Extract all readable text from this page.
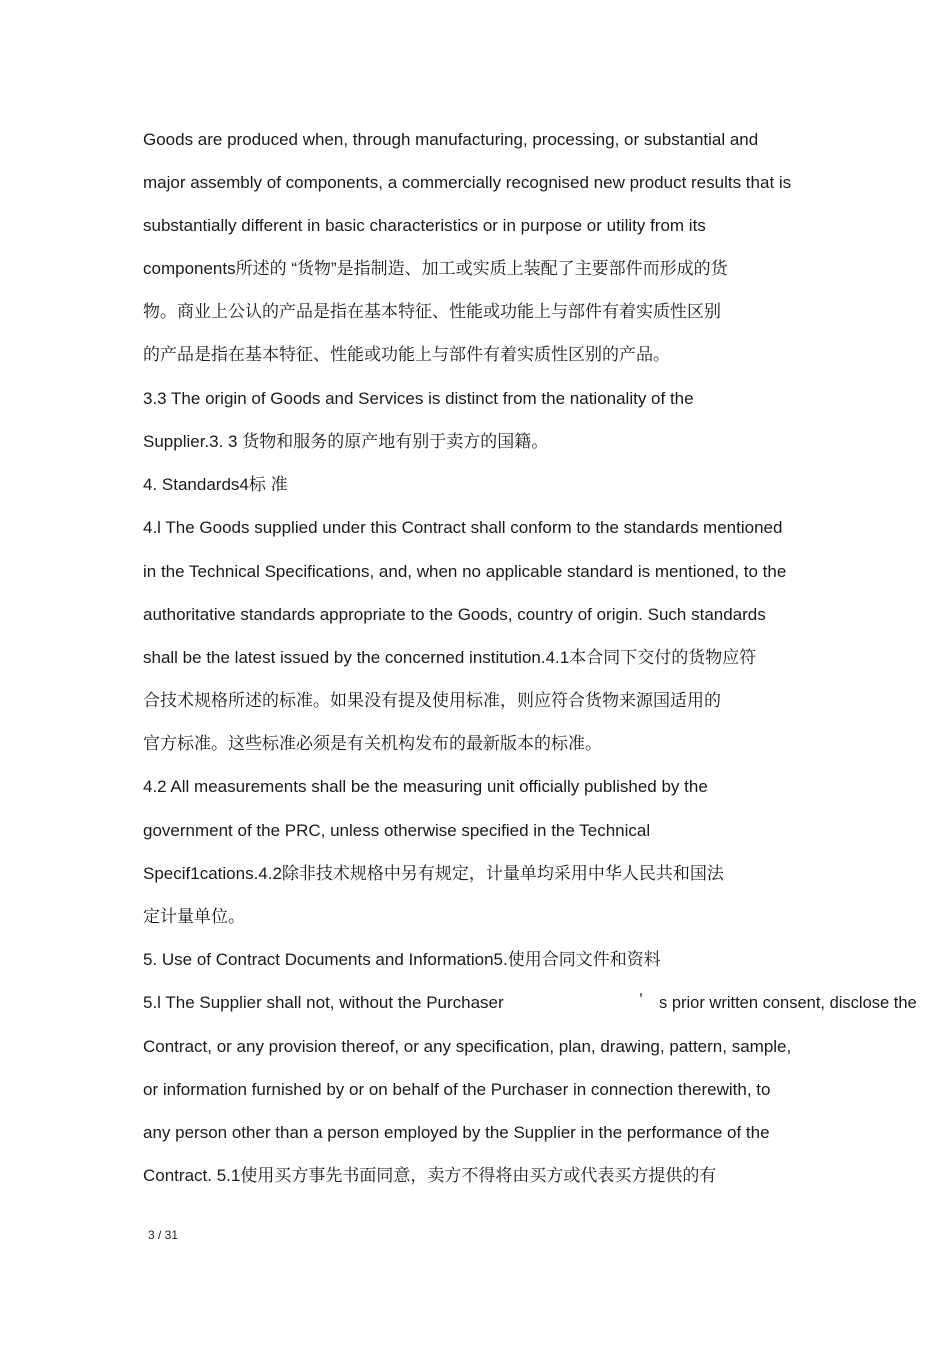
Goods are produced when, through manufacturing, processing, or substantial and
major assembly of components, a commercially recognised new product results that is
substantially different in basic characteristics or in purpose or utility from its
components所述的 “货物”是指制造、加工或实质上装配了主要部件而形成的货
物。商业上公认的产品是指在基本特征、性能或功能上与部件有着实质性区别
的产品是指在基本特征、性能或功能上与部件有着实质性区别的产品。
3.3 The origin of Goods and Services is distinct from the nationality of the
Supplier.3. 3 货物和服务的原产地有别于卖方的国籍。
4. Standards4标 准
4.l The Goods supplied under this Contract shall conform to the standards mentioned
in the Technical Specifications, and, when no applicable standard is mentioned, to the
authoritative standards appropriate to the Goods, country of origin. Such standards
shall be the latest issued by the concerned institution.4.1本合同下交付的货物应符
合技术规格所述的标准。如果没有提及使用标准，则应符合货物来源国适用的
官方标准。这些标准必须是有关机构发布的最新版本的标准。
4.2 All measurements shall be the measuring unit officially published by the
government of the PRC, unless otherwise specified in the Technical
Specif1cations.4.2除非技术规格中另有规定，计量单均采用中华人民共和国法
定计量单位。
5. Use of Contract Documents and Information5.使用合同文件和资料
5.l The Supplier shall not, without the Purchaser	’ s prior written consent, disclose the
Contract, or any provision thereof, or any specification, plan, drawing, pattern, sample,
or information furnished by or on behalf of the Purchaser in connection therewith, to
any person other than a person employed by the Supplier in the performance of the
Contract. 5.1使用买方事先书面同意，卖方不得将由买方或代表买方提供的有
3 / 31
